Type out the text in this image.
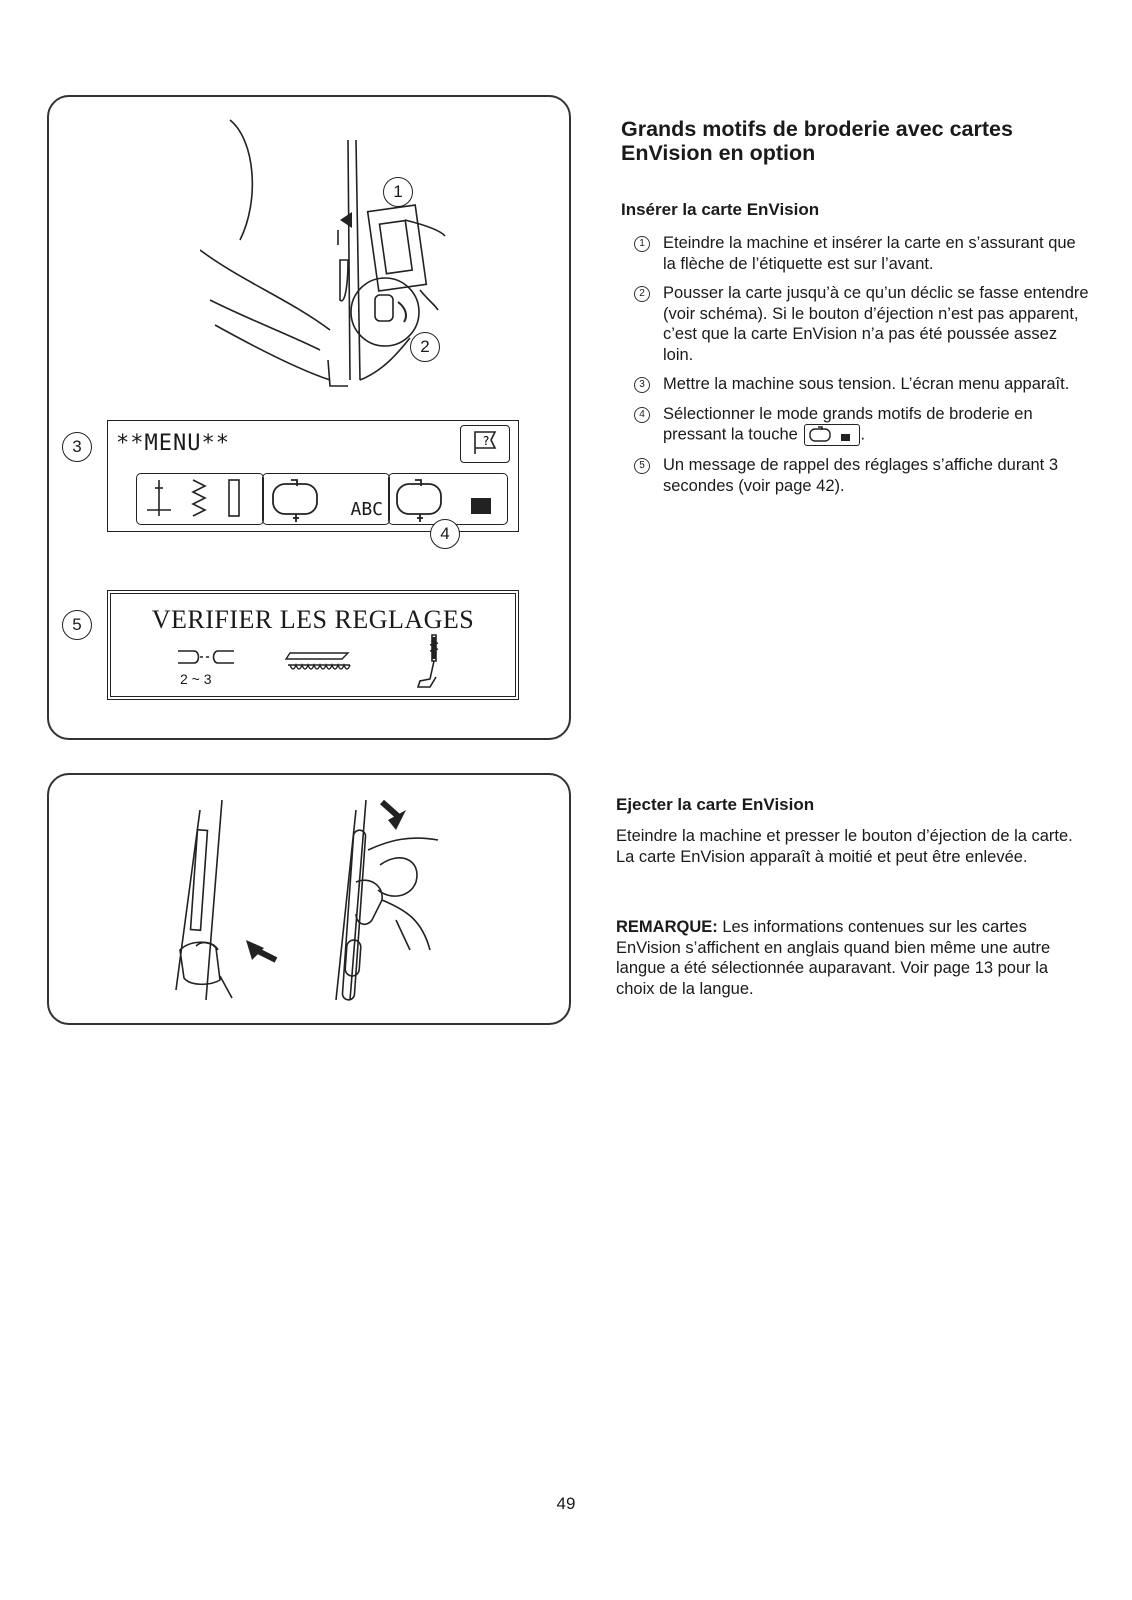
1
2
3	**MENU**	?
ABC
4
5	VERIFIER LES REGLAGES
2 ~ 3
Grands motifs de broderie avec cartes
EnVision en option
Insérer la carte EnVision
1	Eteindre la machine et insérer la carte en s’assurant que la flèche de l’étiquette est sur l’avant.
2	Pousser la carte jusqu’à ce qu’un déclic se fasse entendre (voir schéma). Si le bouton d’éjection n’est pas apparent, c’est que la carte EnVision n’a pas été poussée assez loin.
3	Mettre la machine sous tension. L’écran menu apparaît.
4	Sélectionner le mode grands motifs de broderie en pressant la touche	.
5	Un message de rappel des réglages s’affiche durant 3 secondes (voir page 42).
Ejecter la carte EnVision

Eteindre la machine et presser le bouton d’éjection de la carte. La carte EnVision apparaît à moitié et peut être enlevée.

REMARQUE: Les informations contenues sur les cartes EnVision s’affichent en anglais quand bien même une autre langue a été sélectionnée auparavant. Voir page 13 pour la choix de la langue.

49
